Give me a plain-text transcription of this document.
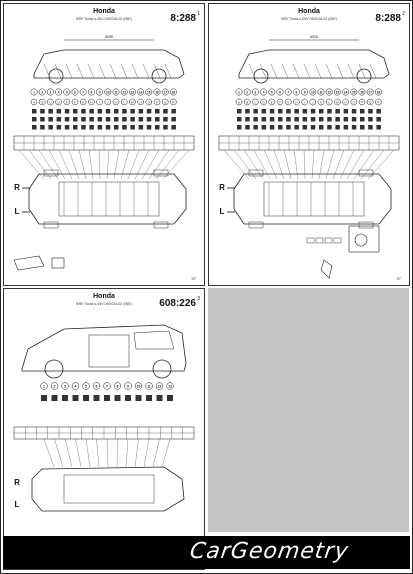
Honda
BRV Touss s-05V 09/2016-02 (05E)	8:288 1
6005
1 2 3 4 5 6 7 8 9 10 11 12 13 14 15 16 17 18
A B C D E F G H I J K L M N O P Q R
R
L
97
Honda
BRV Touss s-05V 09/2016-02 (05E)	8:288 2
6005
1 2 3 4 5 6 7 8 9 10 11 12 13 14 15 16 17 18
A B C D E F G H I J K L M N O P Q R
R
L
97
Honda
BRV Touss s-05V 09/2016-02 (05E)	608:226 3
1	2	3	4	5	6	7	8	9 10 11 12 13
R
L
CarGeometry
